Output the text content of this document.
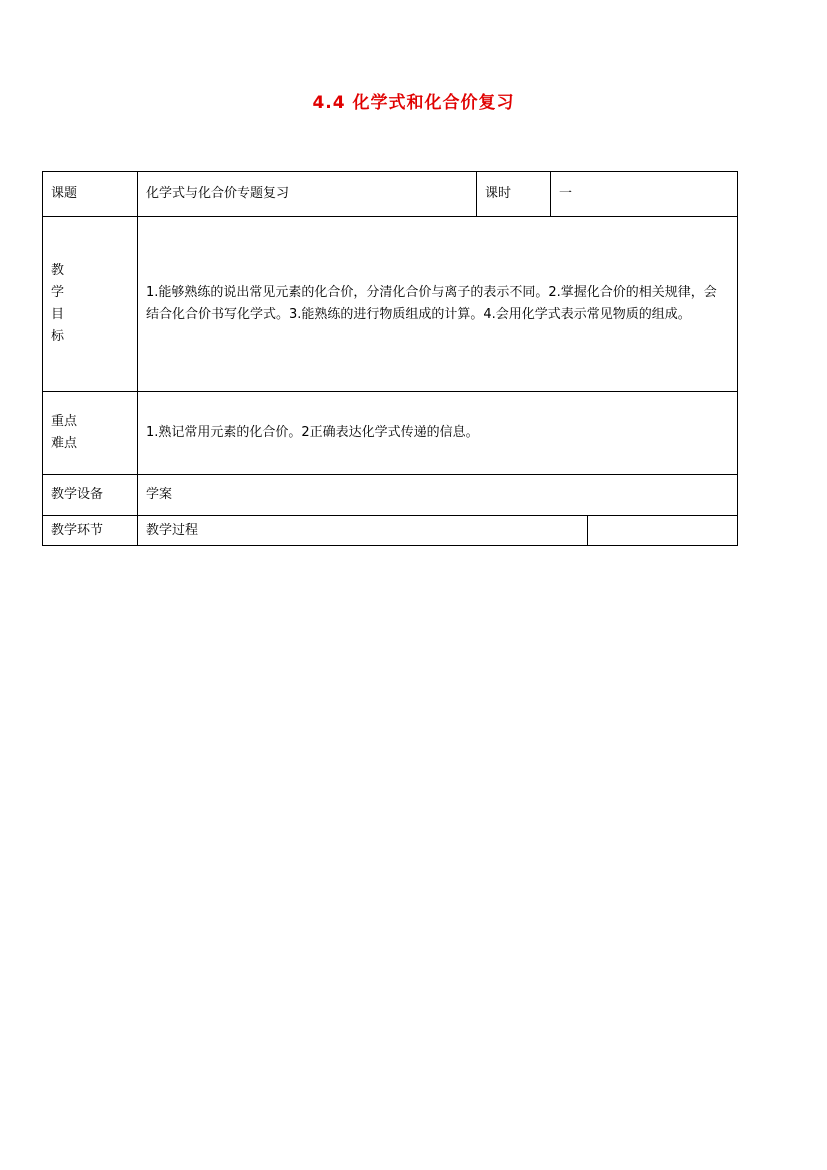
4.4 化学式和化合价复习
课题	化学式与化合价专题复习	课时	一	

教
学
目
标	1.能够熟练的说出常见元素的化合价，分清化合价与离子的表示不同。2.掌握化合价的相关规律，会结合化合价书写化学式。3.能熟练的进行物质组成的计算。4.会用化学式表示常见物质的组成。			

重点
难点	1.熟记常用元素的化合价。2正确表达化学式传递的信息。			
教学设备	学案			
教学环节	教学过程			
